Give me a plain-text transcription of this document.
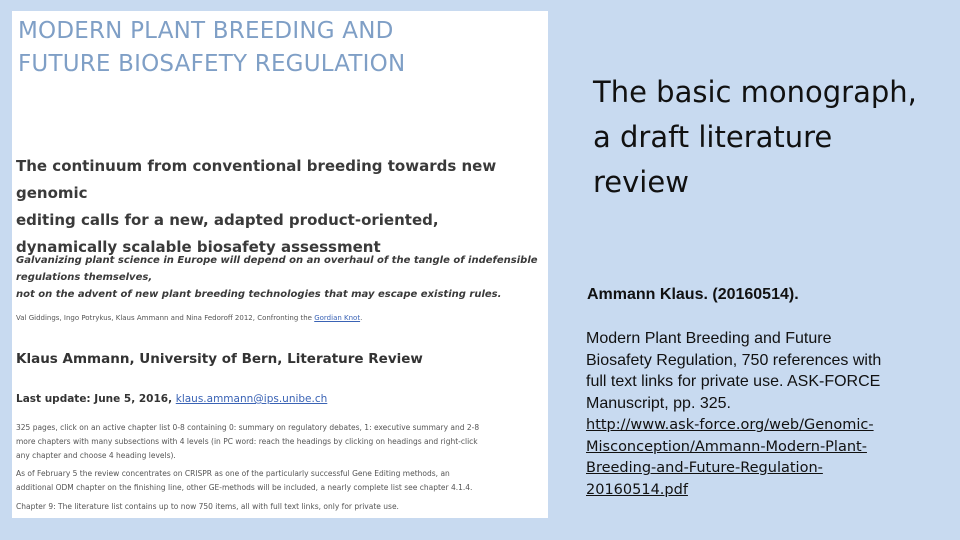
MODERN PLANT BREEDING AND
FUTURE BIOSAFETY REGULATION
The continuum from conventional breeding towards new genomic
editing calls for a new, adapted product-oriented,
dynamically scalable biosafety assessment
Galvanizing plant science in Europe will depend on an overhaul of the tangle of indefensible
regulations themselves,
not on the advent of new plant breeding technologies that may escape existing rules.
Val Giddings, Ingo Potrykus, Klaus Ammann and Nina Fedoroff 2012, Confronting the Gordian Knot.
Klaus Ammann, University of Bern, Literature Review
Last update: June 5, 2016, klaus.ammann@ips.unibe.ch
325 pages, click on an active chapter list 0-8 containing 0: summary on regulatory debates, 1: executive summary and 2-8
more chapters with many subsections with 4 levels (in PC word: reach the headings by clicking on headings and right-click
any chapter and choose 4 heading levels).
As of February 5 the review concentrates on CRISPR as one of the particularly successful Gene Editing methods, an
additional ODM chapter on the finishing line, other GE-methods will be included, a nearly complete list see chapter 4.1.4.
Chapter 9: The literature list contains up to now 750 items, all with full text links, only for private use.
The basic monograph,
a draft literature
review
Ammann Klaus. (20160514).
Modern Plant Breeding and Future
Biosafety Regulation, 750 references with
full text links for private use. ASK-FORCE
Manuscript, pp. 325.
http://www.ask-force.org/web/Genomic-
Misconception/Ammann-Modern-Plant-
Breeding-and-Future-Regulation-
20160514.pdf
